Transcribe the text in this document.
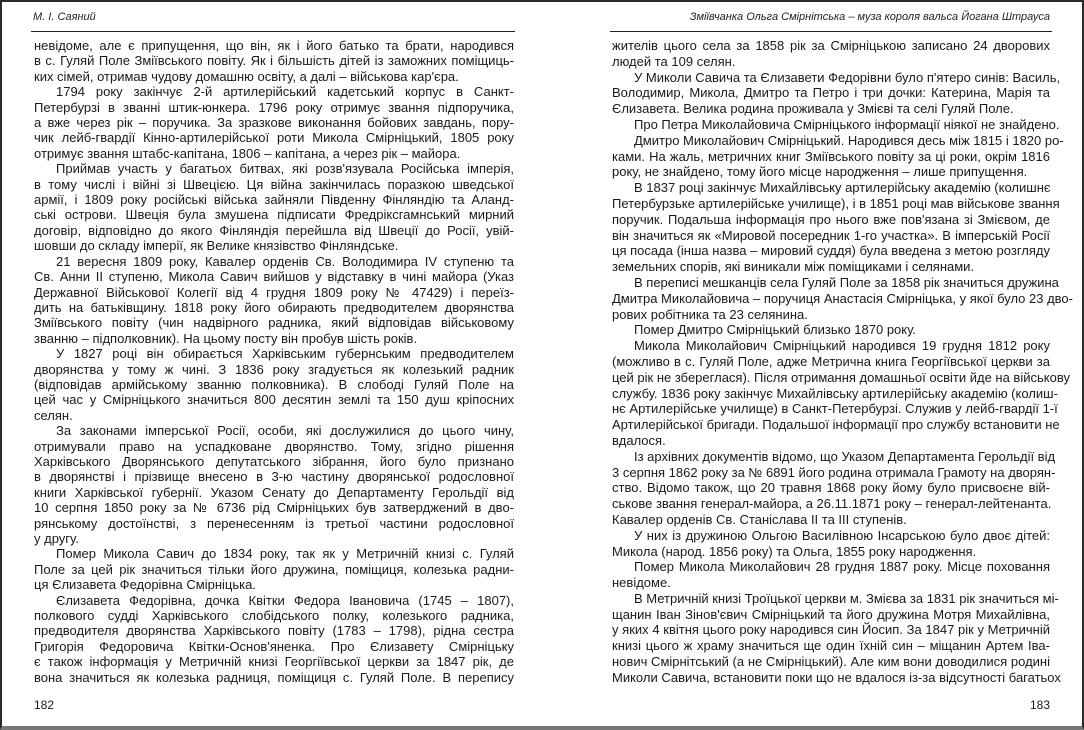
М. І. Саяний
невідоме, але є припущення, що він, як і його батько та брати, народився
в с. Гуляй Поле Зміївського повіту. Як і більшість дітей із заможних поміщиць-
ких сімей, отримав чудову домашню освіту, а далі – військова кар'єра.
1794 року закінчує 2-й артилерійський кадетський корпус в Санкт-
Петербурзі в званні штик-юнкера. 1796 року отримує звання підпоручика,
а вже через рік – поручика. За зразкове виконання бойових завдань, пору-
чик лейб-гвардії Кінно-артилерійської роти Микола Смірніцький, 1805 року
отримує звання штабс-капітана, 1806 – капітана, а через рік – майора.
Приймав участь у багатьох битвах, які розв'язувала Російська імперія,
в тому числі і війні зі Швецією. Ця війна закінчилась поразкою шведської
армії, і 1809 року російські війська зайняли Південну Фінляндію та Аланд-
ські острови. Швеція була змушена підписати Фредріксгамнський мирний
договір, відповідно до якого Фінляндія перейшла від Швеції до Росії, увій-
шовши до складу імперії, як Велике князівство Фінляндське.
21 вересня 1809 року, Кавалер орденів Св. Володимира IV ступеню та
Св. Анни II ступеню, Микола Савич вийшов у відставку в чині майора (Указ
Державної Військової Колегії від 4 грудня 1809 року № 47429) і переїз-
дить на батьківщину. 1818 року його обирають предводителем дворянства
Зміївського повіту (чин надвірного радника, який відповідав військовому
званню – підполковник). На цьому посту він пробув шість років.
У 1827 році він обирається Харківським губернським предводителем
дворянства у тому ж чині. З 1836 року згадується як колезький радник
(відповідав армійському званню полковника). В слободі Гуляй Поле на
цей час у Смірніцького значиться 800 десятин землі та 150 душ кріпосних
селян.
За законами імперської Росії, особи, які дослужилися до цього чину,
отримували право на успадковане дворянство. Тому, згідно рішення
Харківського Дворянського депутатського зібрання, його було признано
в дворянстві і прізвище внесено в 3-ю частину дворянської родословної
книги Харківської губернії. Указом Сенату до Департаменту Герольдії від
10 серпня 1850 року за № 6736 рід Смірніцьких був затверджений в дво-
рянському достоїнстві, з перенесенням із третьої частини родословної
у другу.
Помер Микола Савич до 1834 року, так як у Метричній книзі с. Гуляй
Поле за цей рік значиться тільки його дружина, поміщиця, колезька радни-
ця Єлизавета Федорівна Смірніцька.
Єлизавета Федорівна, дочка Квітки Федора Івановича (1745 – 1807),
полкового судді Харківського слобідського полку, колезького радника,
предводителя дворянства Харківського повіту (1783 – 1798), рідна сестра
Григорія Федоровича Квітки-Основ'яненка. Про Єлизавету Смірніцьку
є також інформація у Метричній книзі Георгіївської церкви за 1847 рік, де
вона значиться як колезька радниця, поміщиця с. Гуляй Поле. В перепису
182
Зміївчанка Ольга Смірнітська – муза короля вальса Йогана Штрауса
жителів цього села за 1858 рік за Смірніцькою записано 24 дворових
людей та 109 селян.
У Миколи Савича та Єлизавети Федорівни було п'ятеро синів: Василь,
Володимир, Микола, Дмитро та Петро і три дочки: Катерина, Марія та
Єлизавета. Велика родина проживала у Змієві та селі Гуляй Поле.
Про Петра Миколайовича Смірніцького інформації ніякої не знайдено.
Дмитро Миколайович Смірніцький. Народився десь між 1815 і 1820 ро-
ками. На жаль, метричних книг Зміївського повіту за ці роки, окрім 1816
року, не знайдено, тому його місце народження – лише припущення.
В 1837 році закінчує Михайлівську артилерійську академію (колишнє
Петербурзьке артилерійське училище), і в 1851 році мав військове звання
поручик. Подальша інформація про нього вже пов'язана зі Змієвом, де
він значиться як «Мировой посередник 1-го участка». В імперській Росії
ця посада (інша назва – мировий суддя) була введена з метою розгляду
земельних спорів, які виникали між поміщиками і селянами.
В переписі мешканців села Гуляй Поле за 1858 рік значиться дружина
Дмитра Миколайовича – поручиця Анастасія Смірніцька, у якої було 23 дво-
рових робітника та 23 селянина.
Помер Дмитро Смірніцький близько 1870 року.
Микола Миколайович Смірніцький народився 19 грудня 1812 року
(можливо в с. Гуляй Поле, адже Метрична книга Георгіївської церкви за
цей рік не збереглася). Після отримання домашньої освіти йде на військову
службу. 1836 року закінчує Михайлівську артилерійську академію (колиш-
нє Артилерійське училище) в Санкт-Петербурзі. Служив у лейб-гвардії 1-ї
Артилерійської бригади. Подальшої інформації про службу встановити не
вдалося.
Із архівних документів відомо, що Указом Департамента Герольдії від
3 серпня 1862 року за № 6891 його родина отримала Грамоту на дворян-
ство. Відомо також, що 20 травня 1868 року йому було присвоєне вій-
ськове звання генерал-майора, а 26.11.1871 року – генерал-лейтенанта.
Кавалер орденів Св. Станіслава II та III ступенів.
У них із дружиною Ольгою Василівною Інсарською було двоє дітей:
Микола (народ. 1856 року) та Ольга, 1855 року народження.
Помер Микола Миколайович 28 грудня 1887 року. Місце поховання
невідоме.
В Метричній книзі Троїцької церкви м. Змієва за 1831 рік значиться мі-
щанин Іван Зінов'євич Смірніцький та його дружина Мотря Михайлівна,
у яких 4 квітня цього року народився син Йосип. За 1847 рік у Метричній
книзі цього ж храму значиться ще один їхній син – міщанин Артем Іва-
нович Смірнітський (а не Смірніцький). Але ким вони доводилися родині
Миколи Савича, встановити поки що не вдалося із-за відсутності багатьох
183
